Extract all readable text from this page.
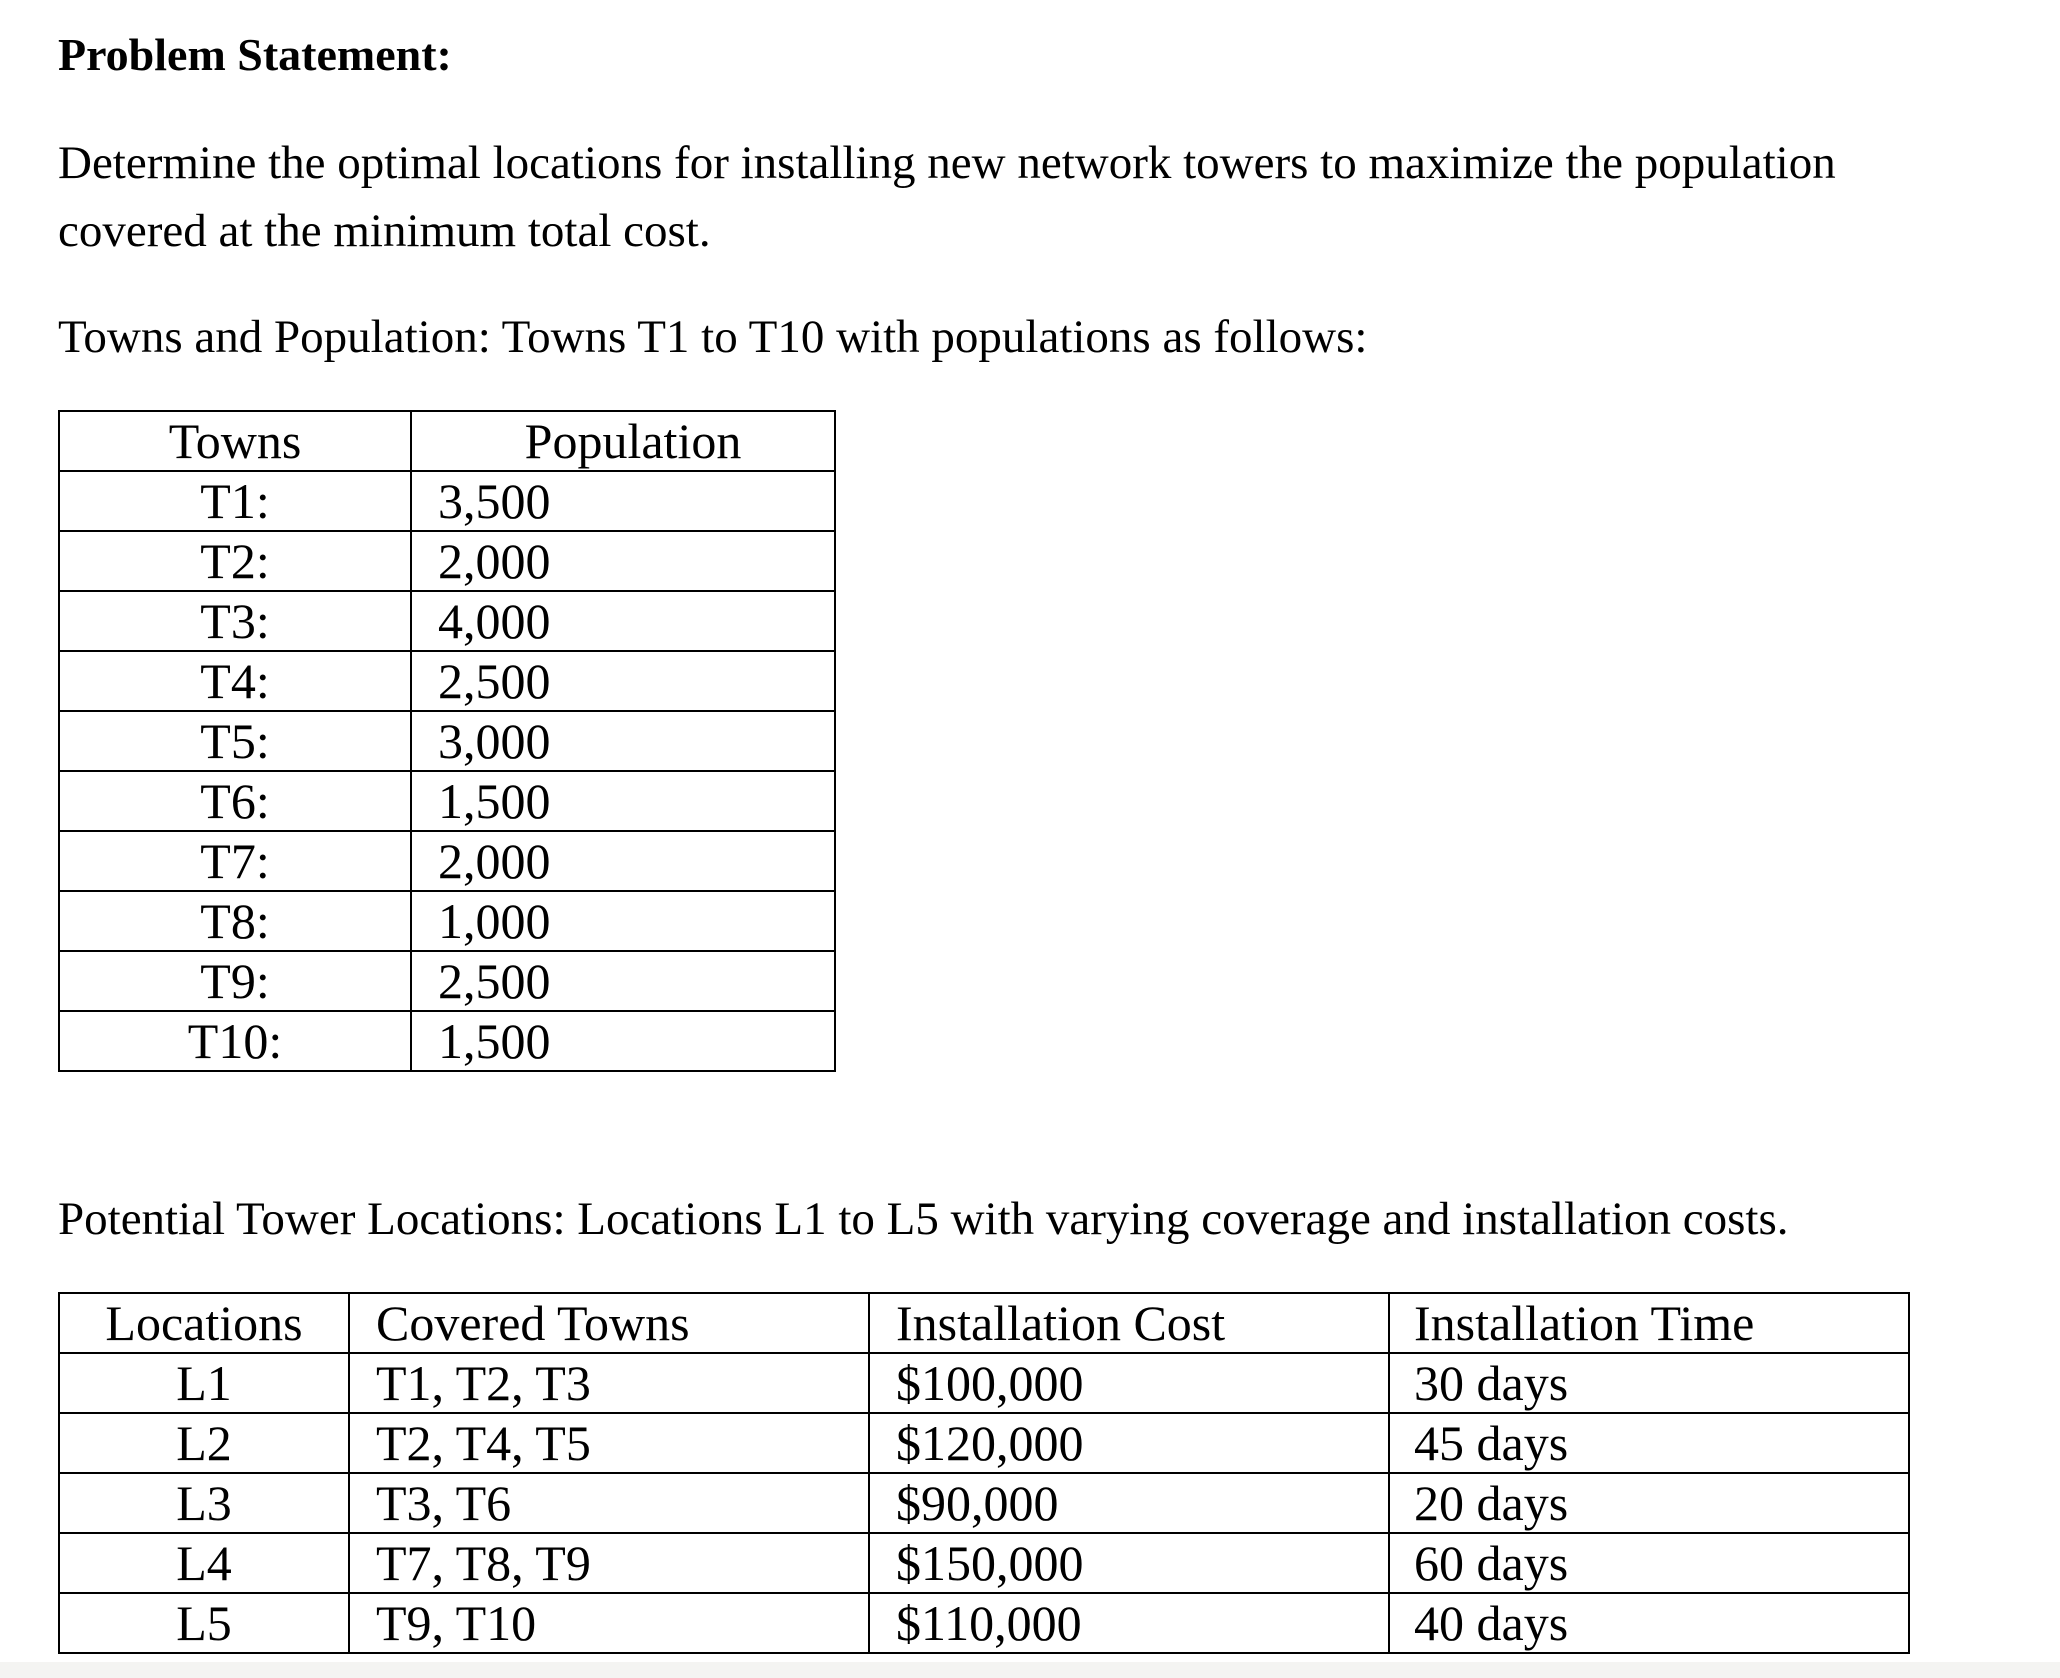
Problem Statement:

Determine the optimal locations for installing new network towers to maximize the population

covered at the minimum total cost.

Towns and Population: Towns T1 to T10 with populations as follows:

Towns	Population
T1:	3,500
T2:	2,000
T3:	4,000
T4:	2,500
T5:	3,000
T6:	1,500
T7:	2,000
T8:	1,000
T9:	2,500
T10:	1,500

Potential Tower Locations: Locations L1 to L5 with varying coverage and installation costs.

Locations	Covered Towns	Installation Cost	Installation Time
L1	T1, T2, T3	$100,000	30 days
L2	T2, T4, T5	$120,000	45 days
L3	T3, T6	$90,000	20 days
L4	T7, T8, T9	$150,000	60 days
L5	T9, T10	$110,000	40 days
